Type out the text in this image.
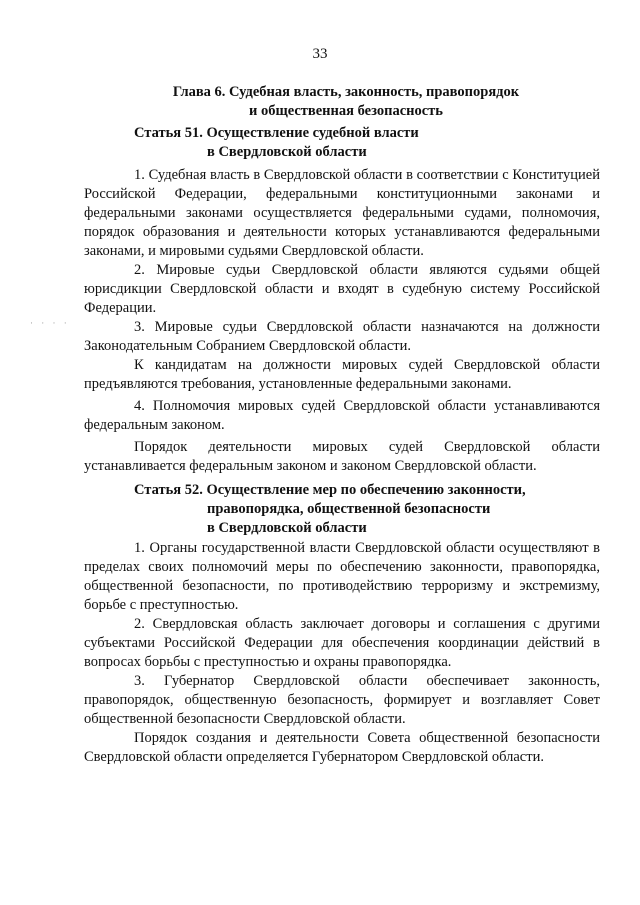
33
Глава 6. Судебная власть, законность, правопорядок
и общественная безопасность
Статья 51. Осуществление судебной власти
в Свердловской области

1. Судебная власть в Свердловской области в соответствии с Конституцией Российской Федерации, федеральными конституционными законами и федеральными законами осуществляется федеральными судами, полномочия, порядок образования и деятельности которых устанавливаются федеральными законами, и мировыми судьями Свердловской области.

2. Мировые судьи Свердловской области являются судьями общей юрисдикции Свердловской области и входят в судебную систему Российской Федерации.

3. Мировые судьи Свердловской области назначаются на должности Законодательным Собранием Свердловской области.

К кандидатам на должности мировых судей Свердловской области предъявляются требования, установленные федеральными законами.

4. Полномочия мировых судей Свердловской области устанавливаются федеральным законом.

Порядок деятельности мировых судей Свердловской области устанавливается федеральным законом и законом Свердловской области.

Статья 52. Осуществление мер по обеспечению законности,
правопорядка, общественной безопасности
в Свердловской области

1. Органы государственной власти Свердловской области осуществляют в пределах своих полномочий меры по обеспечению законности, правопорядка, общественной безопасности, по противодействию терроризму и экстремизму, борьбе с преступностью.

2. Свердловская область заключает договоры и соглашения с другими субъектами Российской Федерации для обеспечения координации действий в вопросах борьбы с преступностью и охраны правопорядка.

3. Губернатор Свердловской области обеспечивает законность, правопорядок, общественную безопасность, формирует и возглавляет Совет общественной безопасности Свердловской области.

Порядок создания и деятельности Совета общественной безопасности Свердловской области определяется Губернатором Свердловской области.

· · · ·
